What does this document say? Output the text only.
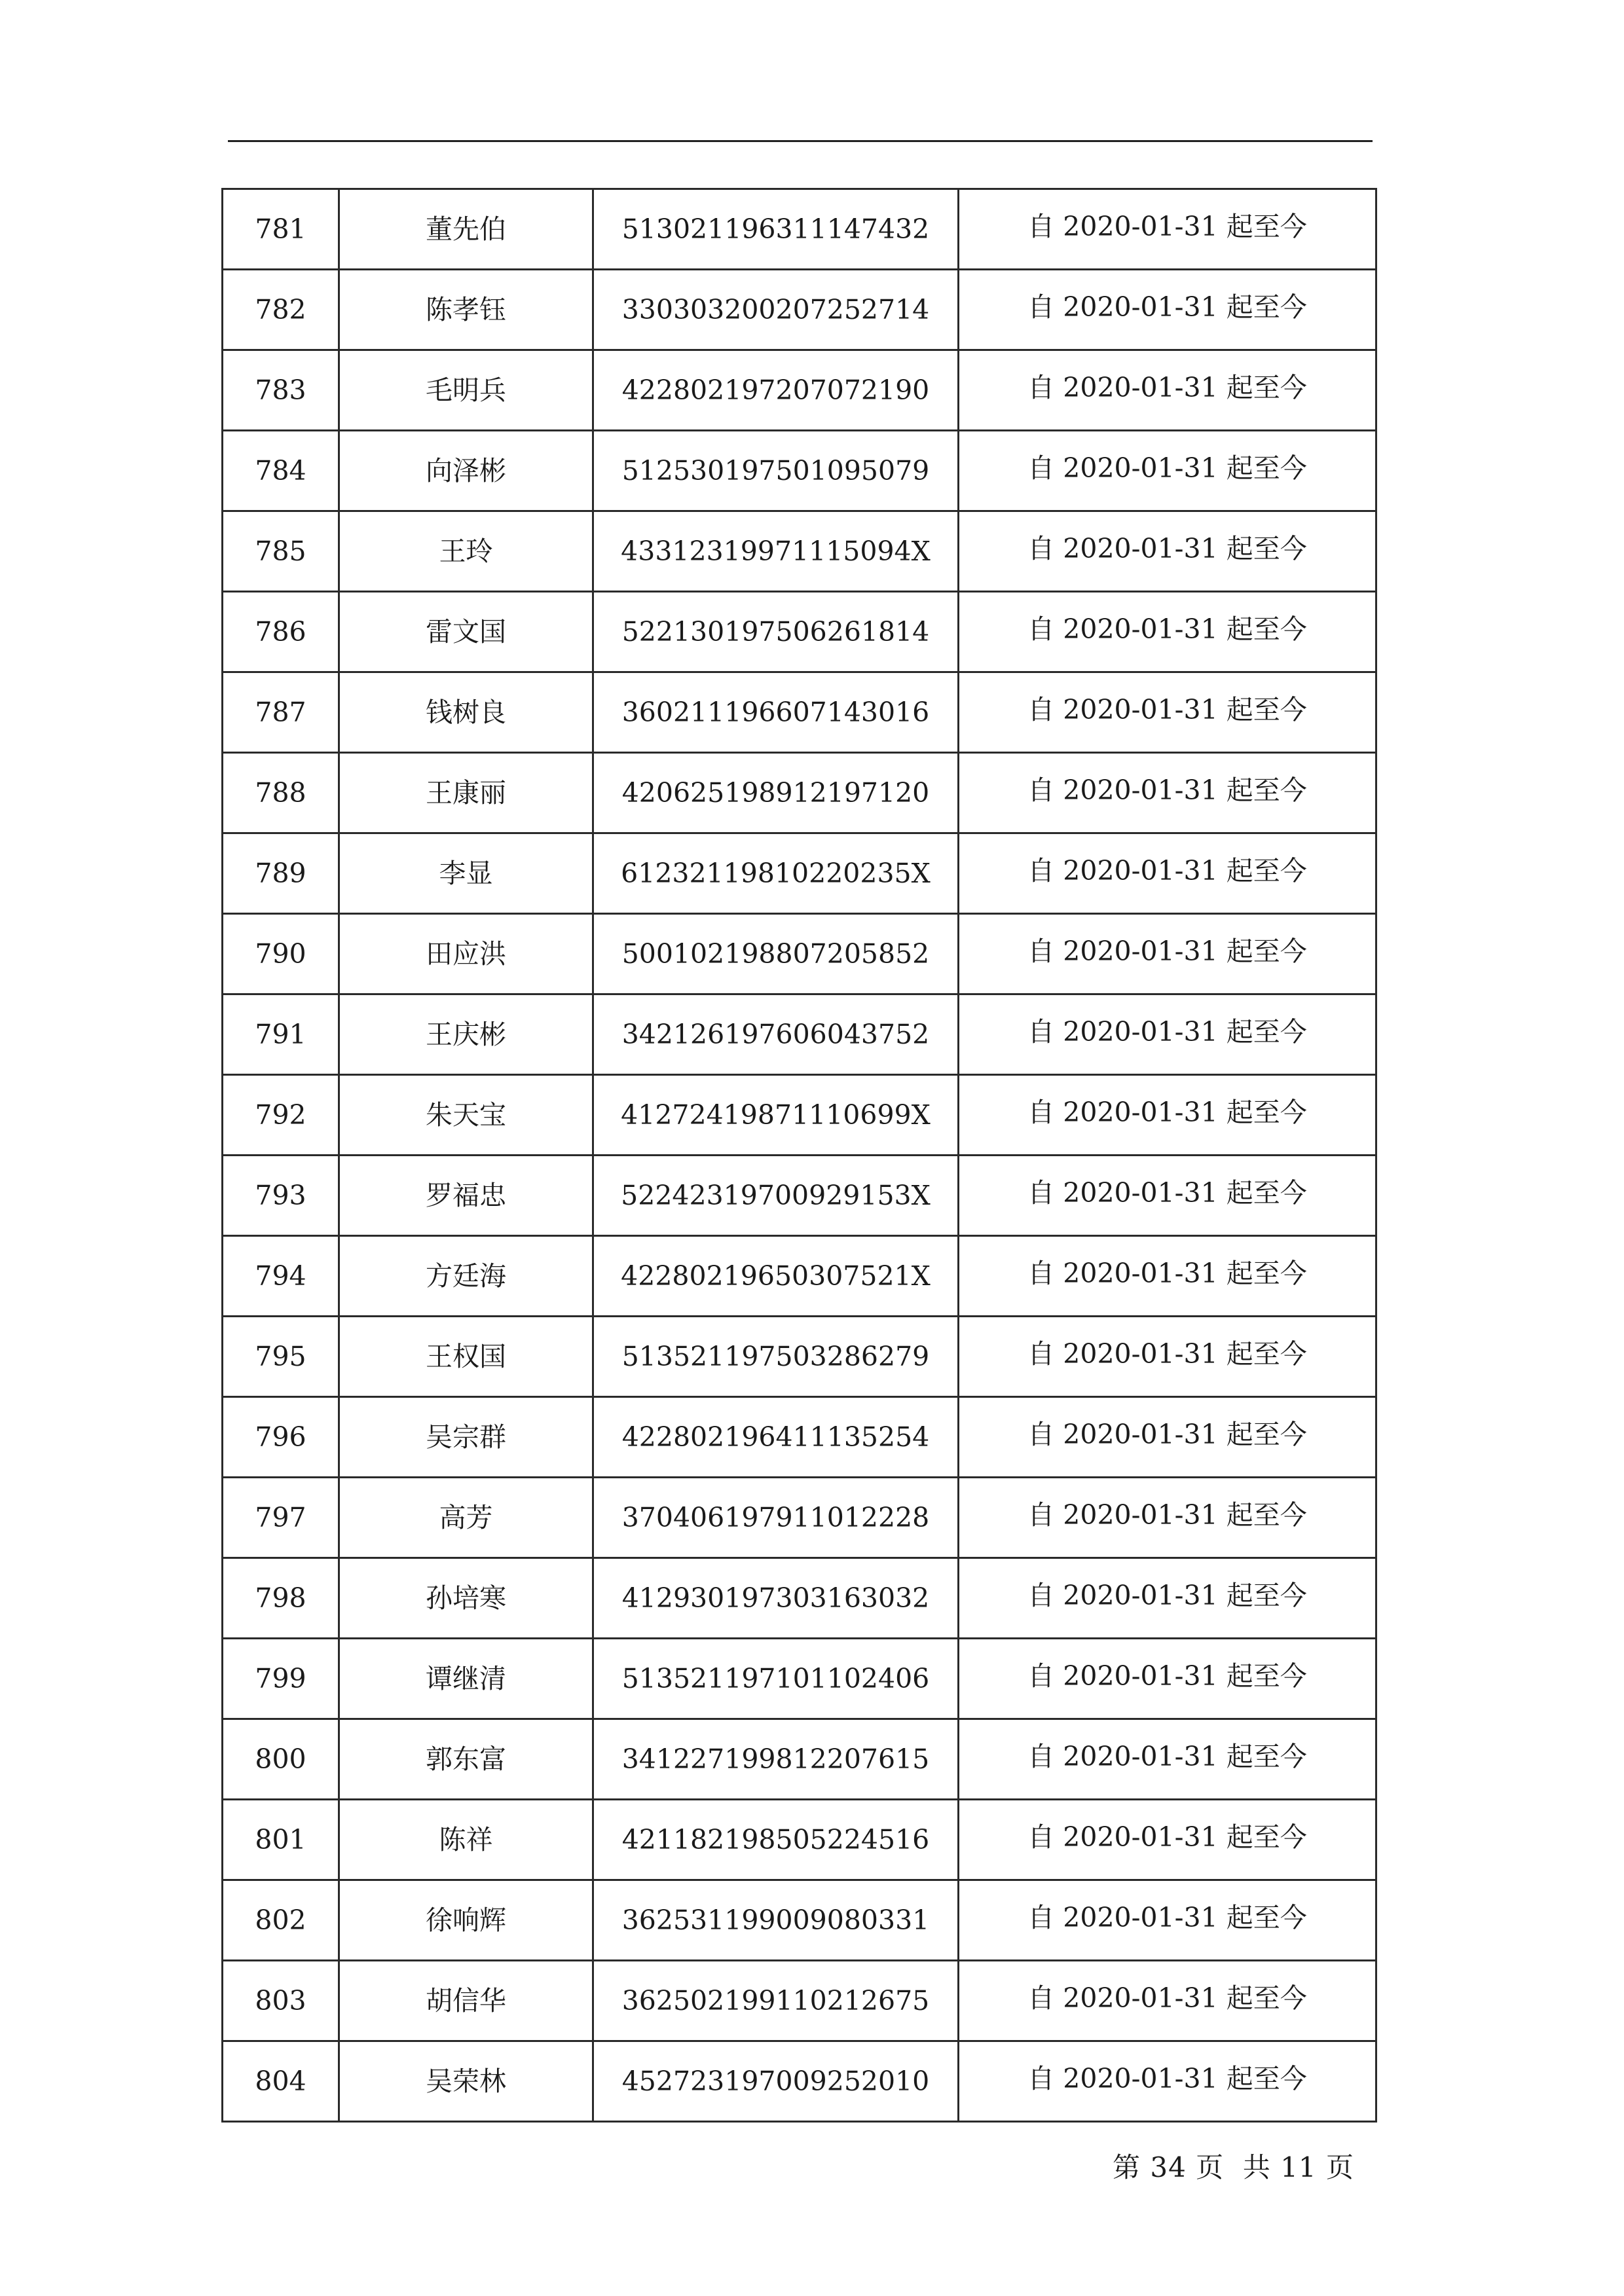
781	董先伯	513021196311147432	自 2020-01-31 起至今
782	陈孝钰	330303200207252714	自 2020-01-31 起至今
783	毛明兵	422802197207072190	自 2020-01-31 起至今
784	向泽彬	512530197501095079	自 2020-01-31 起至今
785	王玲	43312319971115094X	自 2020-01-31 起至今
786	雷文国	522130197506261814	自 2020-01-31 起至今
787	钱树良	360211196607143016	自 2020-01-31 起至今
788	王康丽	420625198912197120	自 2020-01-31 起至今
789	李显	61232119810220235X	自 2020-01-31 起至今
790	田应洪	500102198807205852	自 2020-01-31 起至今
791	王庆彬	342126197606043752	自 2020-01-31 起至今
792	朱天宝	41272419871110699X	自 2020-01-31 起至今
793	罗福忠	52242319700929153X	自 2020-01-31 起至今
794	方廷海	42280219650307521X	自 2020-01-31 起至今
795	王权国	513521197503286279	自 2020-01-31 起至今
796	吴宗群	422802196411135254	自 2020-01-31 起至今
797	高芳	370406197911012228	自 2020-01-31 起至今
798	孙培寒	412930197303163032	自 2020-01-31 起至今
799	谭继清	513521197101102406	自 2020-01-31 起至今
800	郭东富	341227199812207615	自 2020-01-31 起至今
801	陈祥	421182198505224516	自 2020-01-31 起至今
802	徐响辉	362531199009080331	自 2020-01-31 起至今
803	胡信华	362502199110212675	自 2020-01-31 起至今
804	吴荣林	452723197009252010	自 2020-01-31 起至今
第 34 页  共 11 页
